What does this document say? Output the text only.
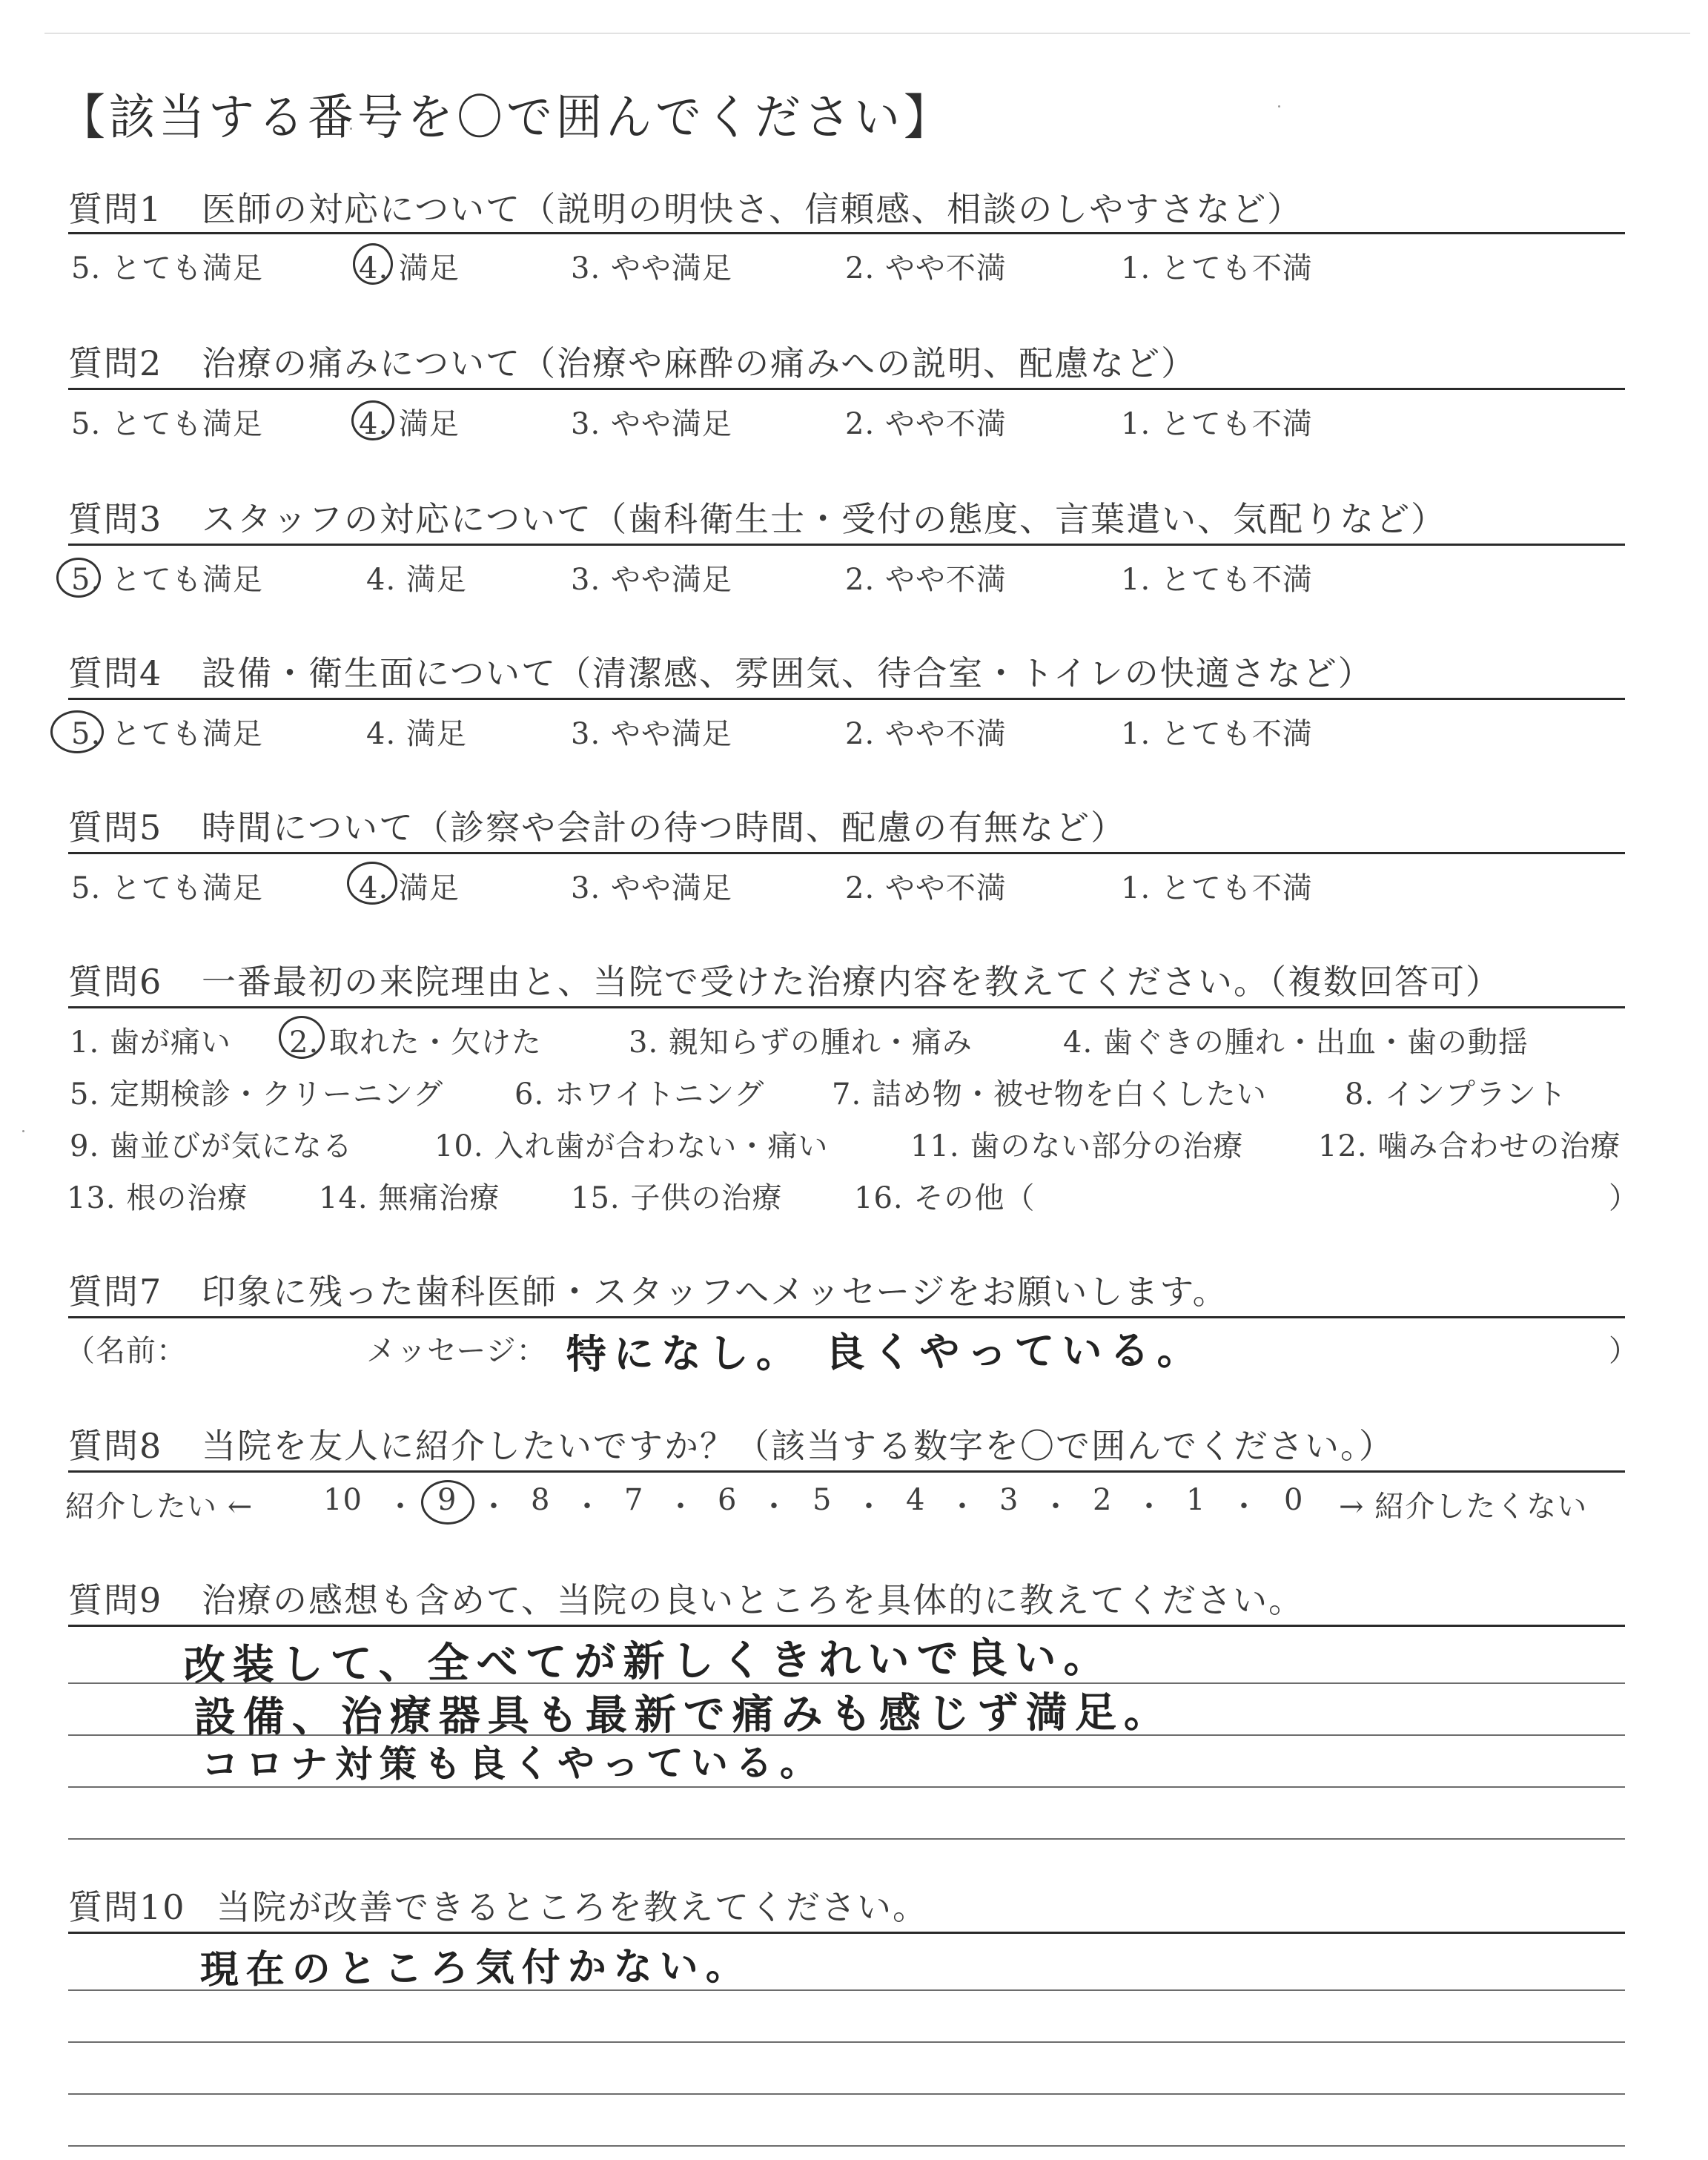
【該当する番号を〇で囲んでください】
質問1 医師の対応について（説明の明快さ、信頼感、相談のしやすさなど）
5. とても満足	4. 満足	3. やや満足	2. やや不満	1. とても不満
質問2 治療の痛みについて（治療や麻酔の痛みへの説明、配慮など）
5. とても満足	4. 満足	3. やや満足	2. やや不満	1. とても不満
質問3 スタッフの対応について（歯科衛生士・受付の態度、言葉遣い、気配りなど）
5. とても満足	4. 満足	3. やや満足	2. やや不満	1. とても不満
質問4 設備・衛生面について（清潔感、雰囲気、待合室・トイレの快適さなど）
5. とても満足	4. 満足	3. やや満足	2. やや不満	1. とても不満
質問5 時間について（診察や会計の待つ時間、配慮の有無など）
5. とても満足	4. 満足	3. やや満足	2. やや不満	1. とても不満
質問6 一番最初の来院理由と、当院で受けた治療内容を教えてください。（複数回答可）
1. 歯が痛い 2. 取れた・欠けた	3. 親知らずの腫れ・痛み	4. 歯ぐきの腫れ・出血・歯の動揺
5. 定期検診・クリーニング 6. ホワイトニング 7. 詰め物・被せ物を白くしたい	8. インプラント
9. 歯並びが気になる	10. 入れ歯が合わない・痛い	11. 歯のない部分の治療	12. 噛み合わせの治療
13. 根の治療 14. 無痛治療 15. 子供の治療 16. その他（	）
質問7 印象に残った歯科医師・スタッフへメッセージをお願いします。
（名前：	メッセージ： 特になし。 良くやっている。	）
質問8 当院を友人に紹介したいですか？（該当する数字を〇で囲んでください。）
紹介したい ← 10 ・ 9 ・ 8 ・ 7 ・ 6 ・ 5 ・ 4 ・ 3 ・ 2 ・ 1 ・ 0 → 紹介したくない
質問9 治療の感想も含めて、当院の良いところを具体的に教えてください。
改装して、全べてが新しくきれいで良い。
設備、治療器具も最新で痛みも感じず満足。
コロナ対策も良くやっている。
質問10 当院が改善できるところを教えてください。
現在のところ気付かない。
